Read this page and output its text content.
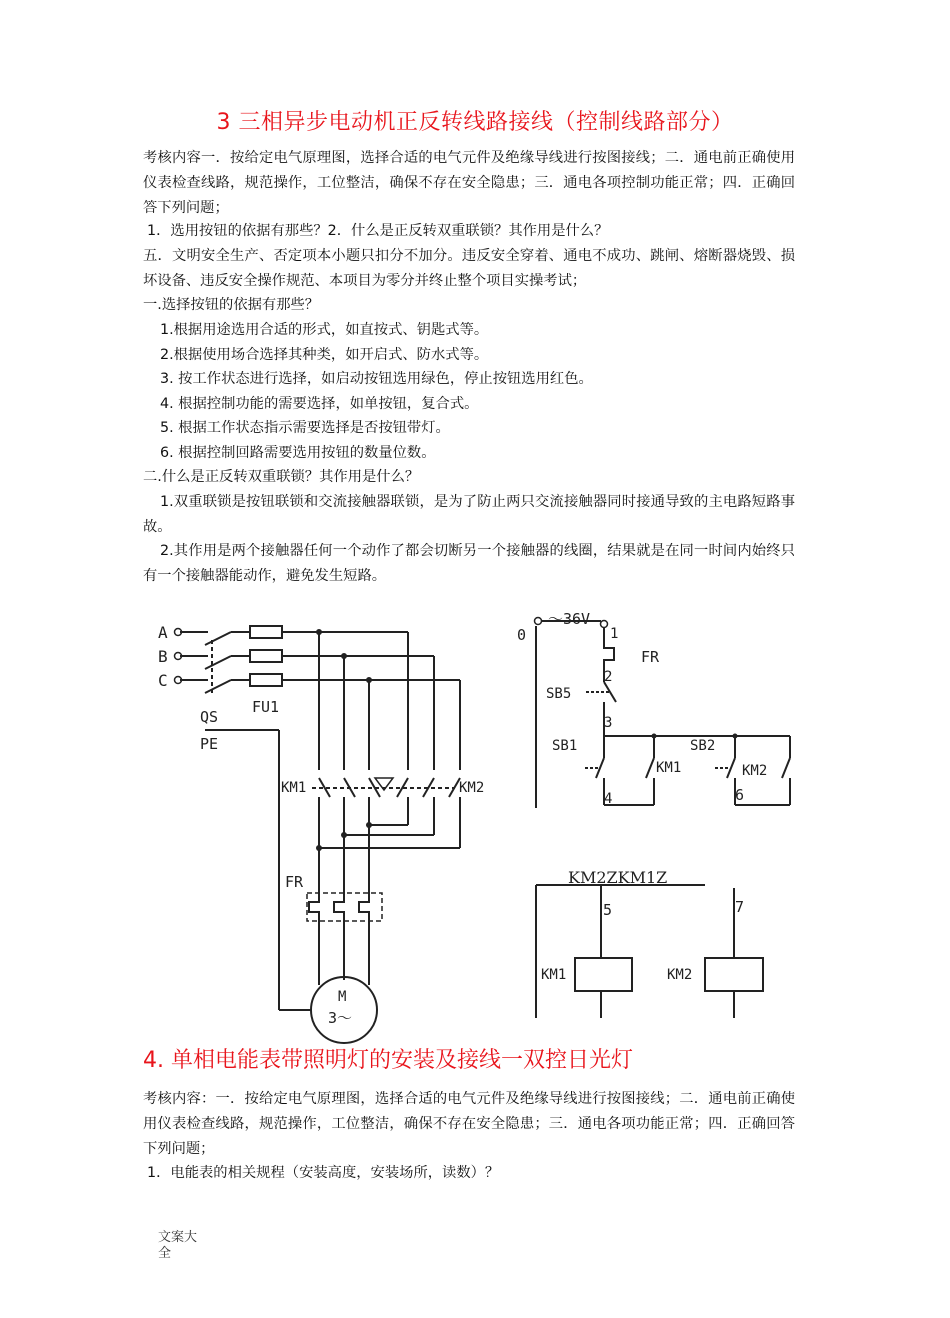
3 三相异步电动机正反转线路接线（控制线路部分）

考核内容一．按给定电气原理图，选择合适的电气元件及绝缘导线进行按图接线；二．通电前正确使用仪表检查线路，规范操作，工位整洁，确保不存在安全隐患；三．通电各项控制功能正常；四．正确回答下列问题；

1．选用按钮的依据有那些？2．什么是正反转双重联锁？其作用是什么？

五．文明安全生产、否定项本小题只扣分不加分。违反安全穿着、通电不成功、跳闸、熔断器烧毁、损坏设备、违反安全操作规范、本项目为零分并终止整个项目实操考试；

一.选择按钮的依据有那些？

1.根据用途选用合适的形式，如直按式、钥匙式等。

2.根据使用场合选择其种类，如开启式、防水式等。

3. 按工作状态进行选择，如启动按钮选用绿色，停止按钮选用红色。

4. 根据控制功能的需要选择，如单按钮，复合式。

5. 根据工作状态指示需要选择是否按钮带灯。

6. 根据控制回路需要选用按钮的数量位数。

二.什么是正反转双重联锁？其作用是什么？

1.双重联锁是按钮联锁和交流接触器联锁，是为了防止两只交流接触器同时接通导致的主电路短路事故。

2.其作用是两个接触器任何一个动作了都会切断另一个接触器的线圈，结果就是在同一时间内始终只有一个接触器能动作，避免发生短路。

A
B
C
QS
FU1
PE
KM1	KM2
FR
M
3～
0
～36V
1
FR
2
SB5
3
SB1	SB2
KM1	KM2
4	6
KM2ZKM1Z
5	7
KM1	KM2
4. 单相电能表带照明灯的安装及接线一双控日光灯

考核内容：一．按给定电气原理图，选择合适的电气元件及绝缘导线进行按图接线；二．通电前正确使用仪表检查线路，规范操作，工位整洁，确保不存在安全隐患；三．通电各项功能正常；四．正确回答下列问题；

1．电能表的相关规程（安装高度，安装场所，读数）？

文案大全
